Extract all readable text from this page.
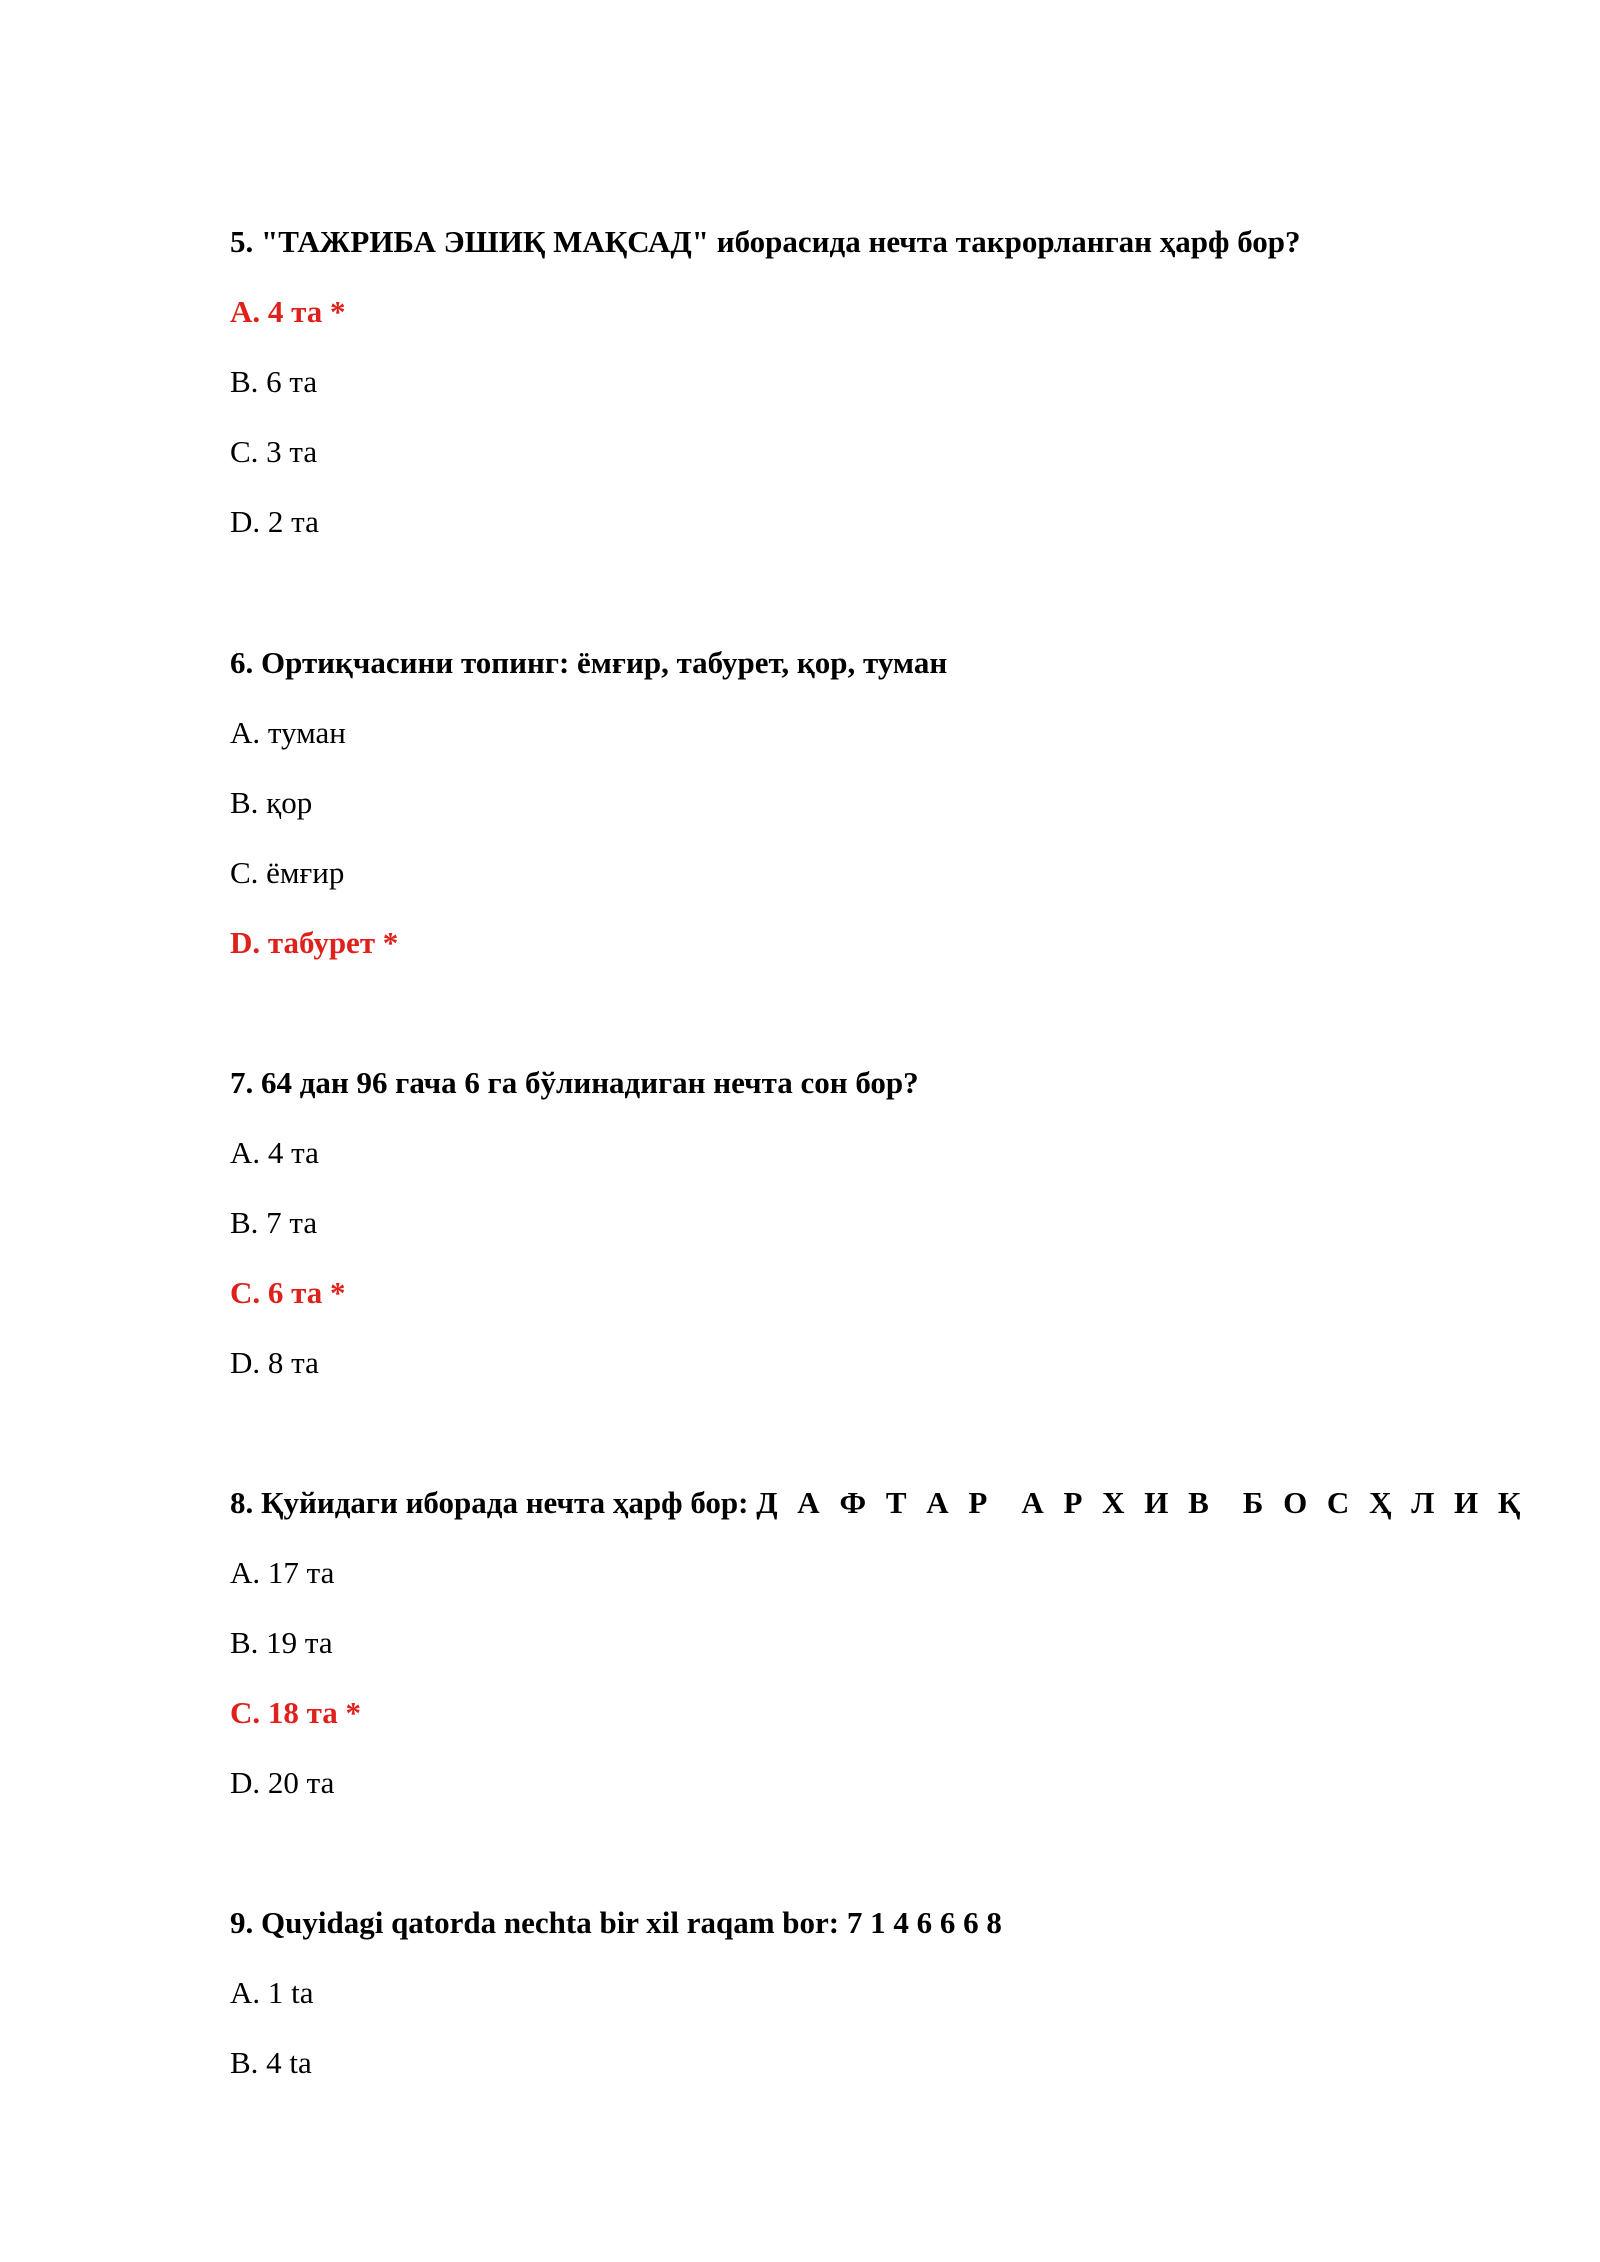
5. "ТАЖРИБА ЭШИҚ МАҚСАД" иборасида нечта такрорланган ҳарф бор?
A. 4 та *
B. 6 та
C. 3 та
D. 2 та
6. Ортиқчасини топинг: ёмғир, табурет, қор, туман
A. туман
B. қор
C. ёмғир
D. табурет *
7. 64 дан 96 гача 6 га бўлинадиган нечта сон бор?
A. 4 та
B. 7 та
C. 6 та *
D. 8 та
8. Қуйидаги иборада нечта ҳарф бор: Д А Ф Т А Р А Р Х И В Б О С Ҳ Л И Қ
A. 17 та
B. 19 та
C. 18 та *
D. 20 та
9. Quyidagi qatorda nechta bir xil raqam bor: 7 1 4 6 6 6 8
A. 1 ta
B. 4 ta
